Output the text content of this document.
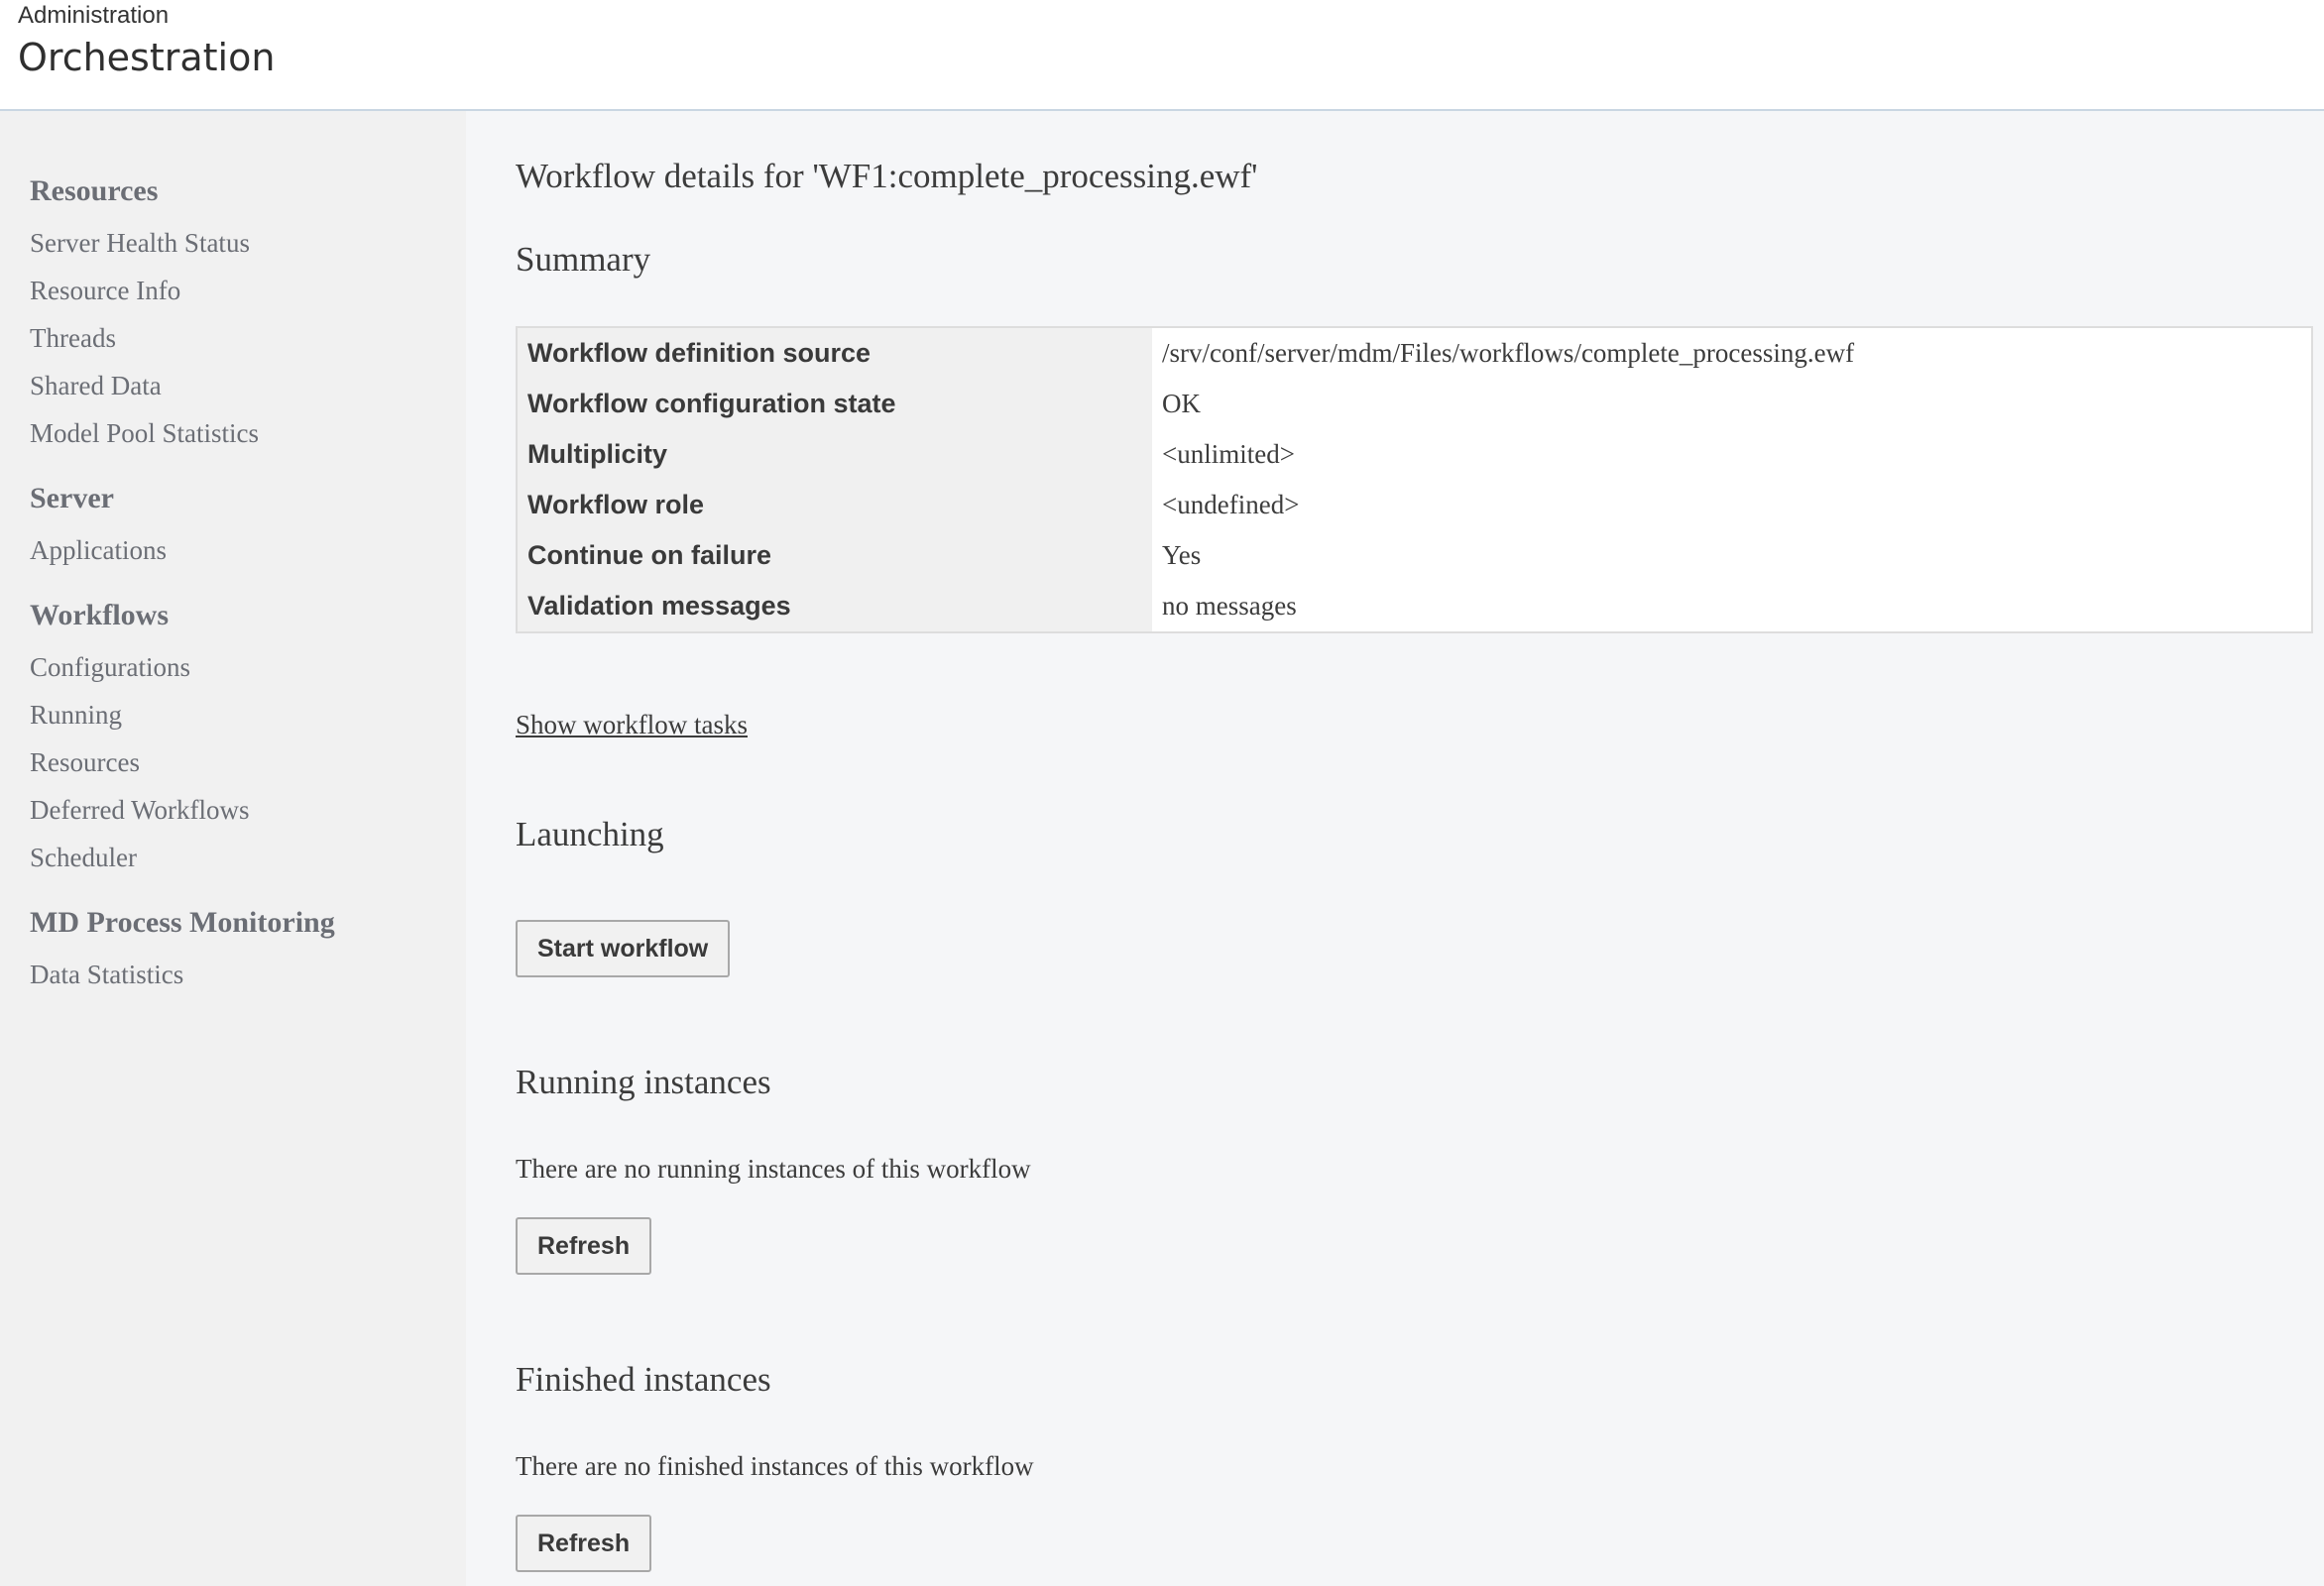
Administration
Orchestration
Resources
Server Health Status
Resource Info
Threads
Shared Data
Model Pool Statistics
Server
Applications
Workflows
Configurations
Running
Resources
Deferred Workflows
Scheduler
MD Process Monitoring
Data Statistics
Workflow details for 'WF1:complete_processing.ewf'
Summary
Workflow definition source	/srv/conf/server/mdm/Files/workflows/complete_processing.ewf
Workflow configuration state	OK
Multiplicity	<unlimited>
Workflow role	<undefined>
Continue on failure	Yes
Validation messages	no messages
Show workflow tasks
Launching
Start workflow
Running instances
There are no running instances of this workflow
Refresh
Finished instances
There are no finished instances of this workflow
Refresh
